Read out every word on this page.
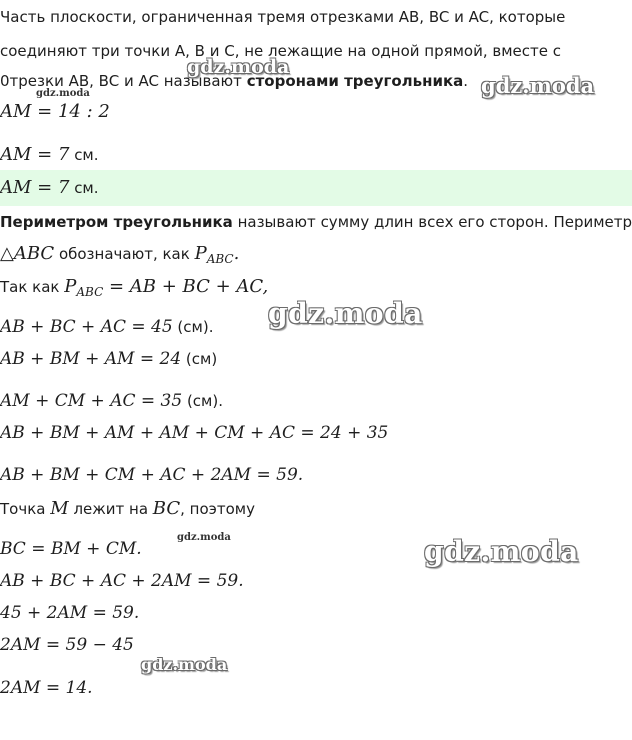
Часть плоскости, ограниченная тремя отрезками AB, BC и AC, которые
соединяют три точки A, B и C, не лежащие на одной прямой, вместе с
0трезки AB, BC и AC называют сторонами треугольника.
AM = 14 : 2
AM = 7 см.
AM = 7 см.
Периметром треугольника называют сумму длин всех его сторон. Периметр
△ABC обозначают, как $P_{ABC}$.
Так как $P_{ABC}$ = AB + BC + AC,
AB + BC + AC = 45 (см).
AB + BM + AM = 24 (см)
AM + CM + AC = 35 (см).
AB + BM + AM + AM + CM + AC = 24 + 35
AB + BM + CM + AC + 2AM = 59.
Точка M лежит на BC, поэтому
BC = BM + CM.
AB + BC + AC + 2AM = 59.
45 + 2AM = 59.
2AM = 59 − 45
2AM = 14.
gdz.moda
gdz.moda	gdz.moda
gdz.moda
gdz.moda	gdz.moda
gdz.moda
